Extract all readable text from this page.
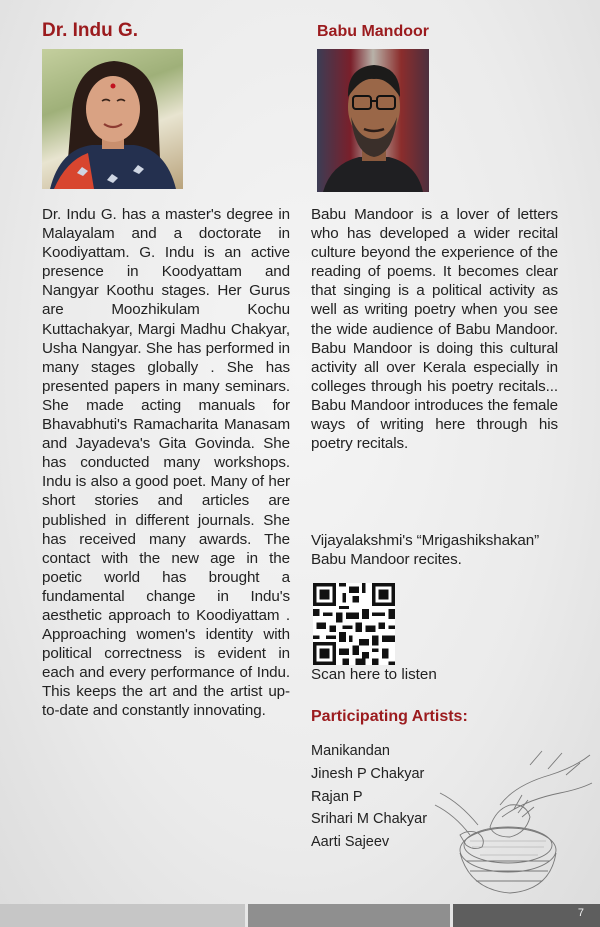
Dr. Indu G.	Babu Mandoor

Dr. Indu G. has a master's degree in Malayalam and a doctorate in Koodiyattam. G. Indu is an active presence in Koodyattam and Nangyar Koothu stages. Her Gurus are Moozhikulam Kochu Kuttachakyar, Margi Madhu Chakyar, Usha Nangyar. She has performed in many stages globally . She has presented papers in many seminars. She made acting manuals for Bhavabhuti's Ramacharita Manasam and Jayadeva's Gita Govinda. She has conducted many workshops. Indu is also a good poet. Many of her short stories and articles are published in different journals. She has received many awards. The contact with the new age in the poetic world has brought a fundamental change in Indu's aesthetic approach to Koodiyattam . Approaching women's identity with political correctness is evident in each and every performance of Indu. This keeps the art and the artist up-to-date and constantly innovating.

Babu Mandoor is a lover of letters who has developed a wider recital culture beyond the experience of the reading of poems. It becomes clear that singing is a political activity as well as writing poetry when you see the wide audience of Babu Mandoor. Babu Mandoor is doing this cultural activity all over Kerala especially in colleges through his poetry recitals... Babu Mandoor introduces the female ways of writing here through his poetry recitals.

Vijayalakshmi's “Mrigashikshakan” Babu Mandoor recites.

Scan here to listen

Participating Artists:
Manikandan
Jinesh P Chakyar
Rajan P
Srihari M Chakyar
Aarti Sajeev

7
